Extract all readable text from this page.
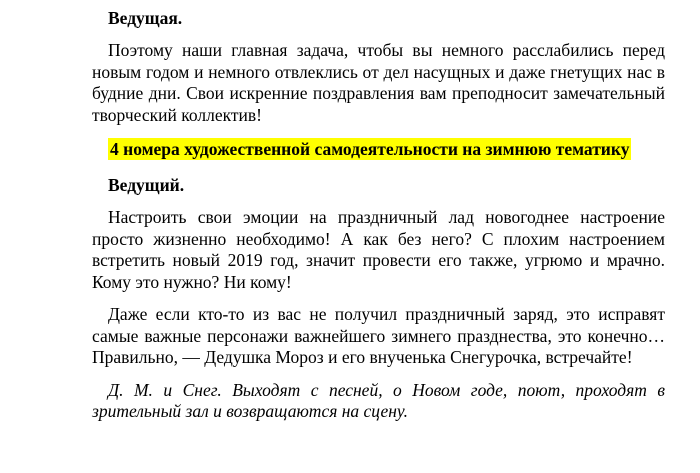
Ведущая.
Поэтому наши главная задача, чтобы вы немного расслабились перед
новым годом и немного отвлеклись от дел насущных и даже гнетущих нас в
будние дни. Свои искренние поздравления вам преподносит замечательный
творческий коллектив!
4 номера художественной самодеятельности на зимнюю тематику
Ведущий.
Настроить свои эмоции на праздничный лад новогоднее настроение
просто жизненно необходимо! А как без него? С плохим настроением
встретить новый 2019 год, значит провести его также, угрюмо и мрачно.
Кому это нужно? Ни кому!
Даже если кто-то из вас не получил праздничный заряд, это исправят
самые важные персонажи важнейшего зимнего празднества, это конечно…
Правильно, — Дедушка Мороз и его внученька Снегурочка, встречайте!
Д. М. и Снег. Выходят с песней, о Новом годе, поют, проходят в
зрительный зал и возвращаются на сцену.
